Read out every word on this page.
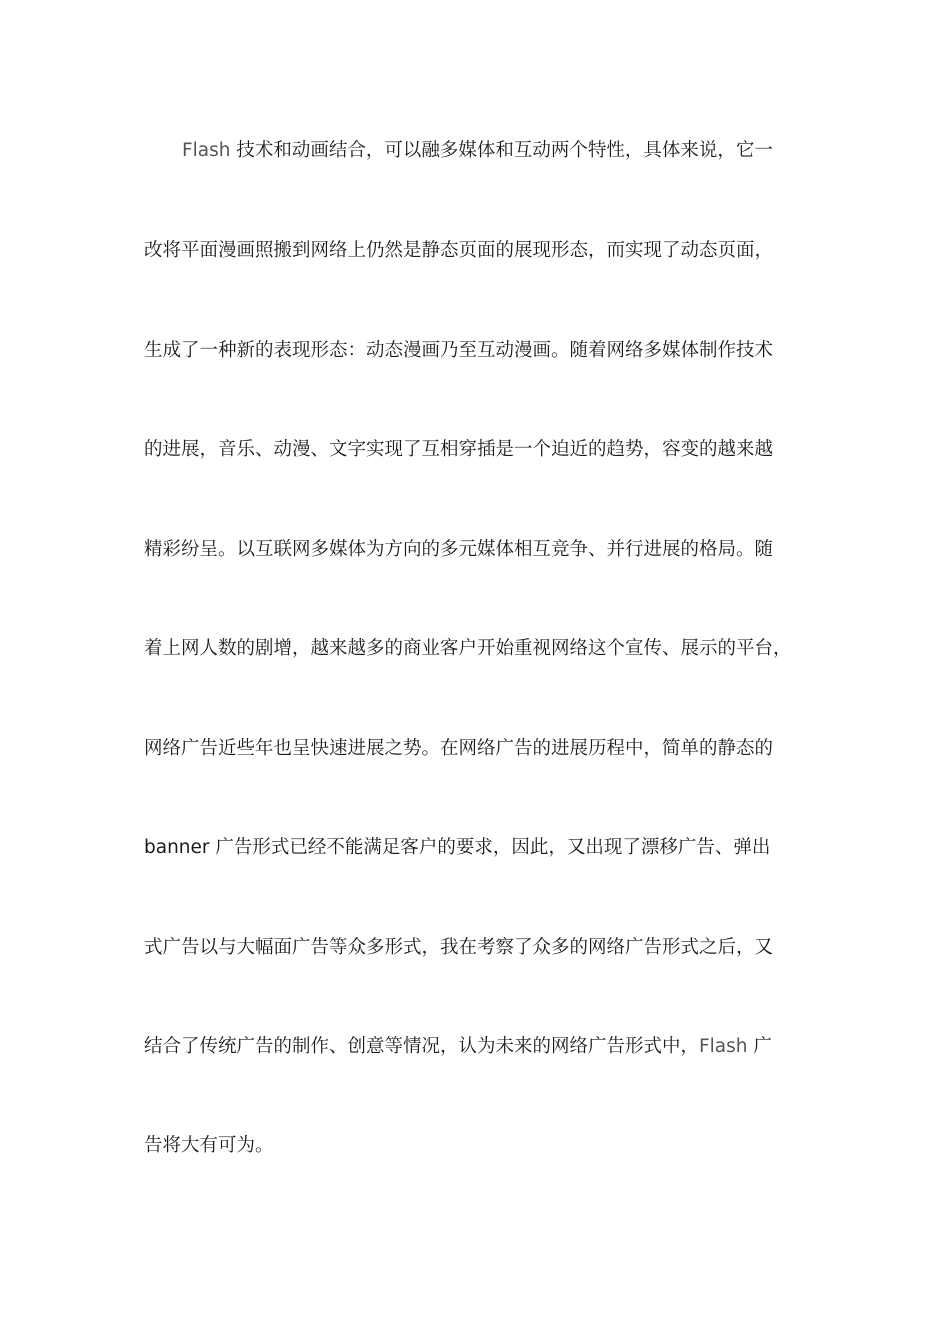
Flash 技术和动画结合，可以融多媒体和互动两个特性，具体来说，它一
改将平面漫画照搬到网络上仍然是静态页面的展现形态，而实现了动态页面，
生成了一种新的表现形态：动态漫画乃至互动漫画。随着网络多媒体制作技术
的进展，音乐、动漫、文字实现了互相穿插是一个迫近的趋势，容变的越来越
精彩纷呈。以互联网多媒体为方向的多元媒体相互竞争、并行进展的格局。随
着上网人数的剧增，越来越多的商业客户开始重视网络这个宣传、展示的平台，
网络广告近些年也呈快速进展之势。在网络广告的进展历程中，简单的静态的
banner 广告形式已经不能满足客户的要求，因此，又出现了漂移广告、弹出
式广告以与大幅面广告等众多形式，我在考察了众多的网络广告形式之后，又
结合了传统广告的制作、创意等情况，认为未来的网络广告形式中，Flash 广
告将大有可为。
